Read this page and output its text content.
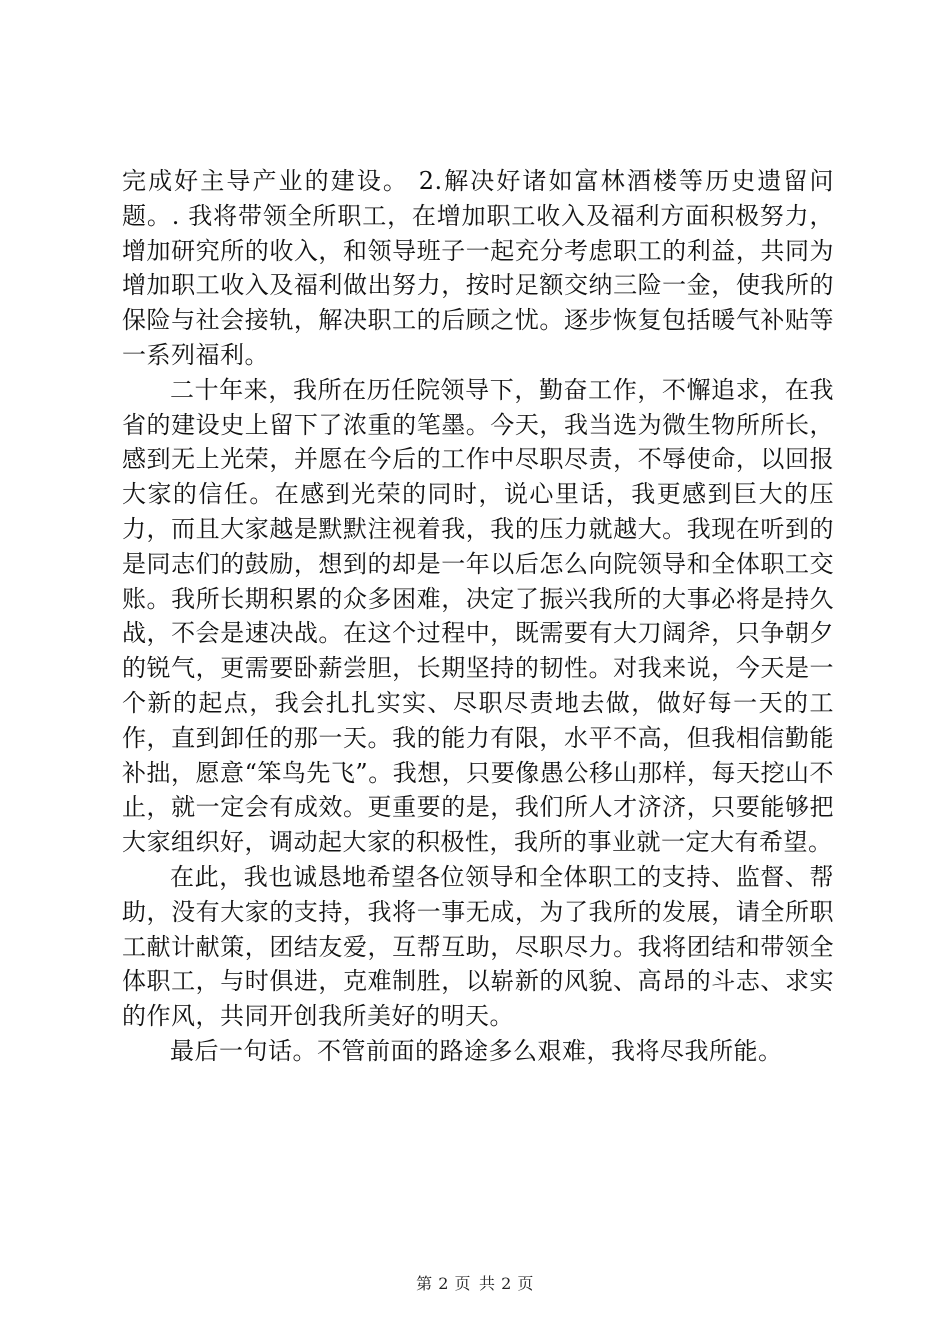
完成好主导产业的建设。 2.解决好诸如富林酒楼等历史遗留问题。. 我将带领全所职工，在增加职工收入及福利方面积极努力，增加研究所的收入，和领导班子一起充分考虑职工的利益，共同为增加职工收入及福利做出努力，按时足额交纳三险一金，使我所的保险与社会接轨，解决职工的后顾之忧。逐步恢复包括暖气补贴等一系列福利。

二十年来，我所在历任院领导下，勤奋工作，不懈追求，在我省的建设史上留下了浓重的笔墨。今天，我当选为微生物所所长，感到无上光荣，并愿在今后的工作中尽职尽责，不辱使命，以回报大家的信任。在感到光荣的同时，说心里话，我更感到巨大的压力，而且大家越是默默注视着我，我的压力就越大。我现在听到的是同志们的鼓励，想到的却是一年以后怎么向院领导和全体职工交账。我所长期积累的众多困难，决定了振兴我所的大事必将是持久战，不会是速决战。在这个过程中，既需要有大刀阔斧，只争朝夕的锐气，更需要卧薪尝胆，长期坚持的韧性。对我来说，今天是一个新的起点，我会扎扎实实、尽职尽责地去做，做好每一天的工作，直到卸任的那一天。我的能力有限，水平不高，但我相信勤能补拙，愿意“笨鸟先飞”。我想，只要像愚公移山那样，每天挖山不止，就一定会有成效。更重要的是，我们所人才济济，只要能够把大家组织好，调动起大家的积极性，我所的事业就一定大有希望。

在此，我也诚恳地希望各位领导和全体职工的支持、监督、帮助，没有大家的支持，我将一事无成，为了我所的发展，请全所职工献计献策，团结友爱，互帮互助，尽职尽力。我将团结和带领全体职工，与时俱进，克难制胜，以崭新的风貌、高昂的斗志、求实的作风，共同开创我所美好的明天。

最后一句话。不管前面的路途多么艰难，我将尽我所能。

第 2 页 共 2 页
